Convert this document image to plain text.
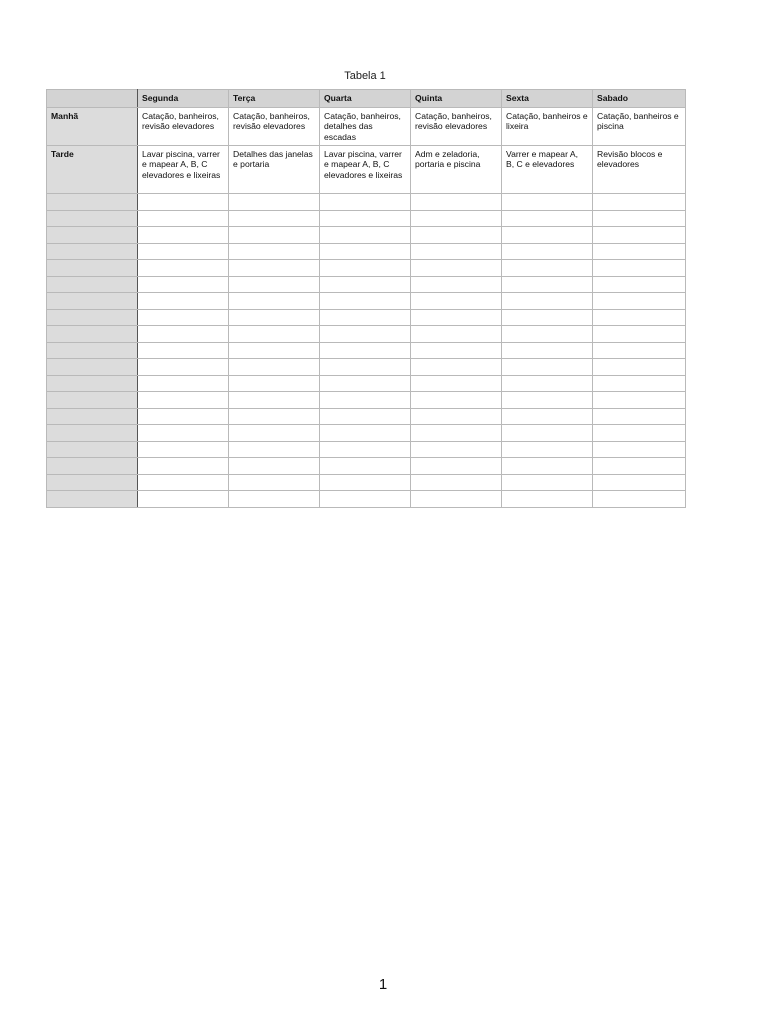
Tabela 1
	Segunda	Terça	Quarta	Quinta	Sexta	Sabado
Manhã	Catação, banheiros, revisão elevadores	Catação, banheiros, revisão elevadores	Catação, banheiros, detalhes das escadas	Catação, banheiros, revisão elevadores	Catação, banheiros e lixeira	Catação, banheiros e piscina
Tarde	Lavar piscina, varrer e mapear A, B, C elevadores e lixeiras	Detalhes das janelas e portaria	Lavar piscina, varrer e mapear A, B, C elevadores e lixeiras	Adm e zeladoria, portaria e piscina	Varrer e mapear A, B, C e elevadores	Revisão blocos e elevadores

1
